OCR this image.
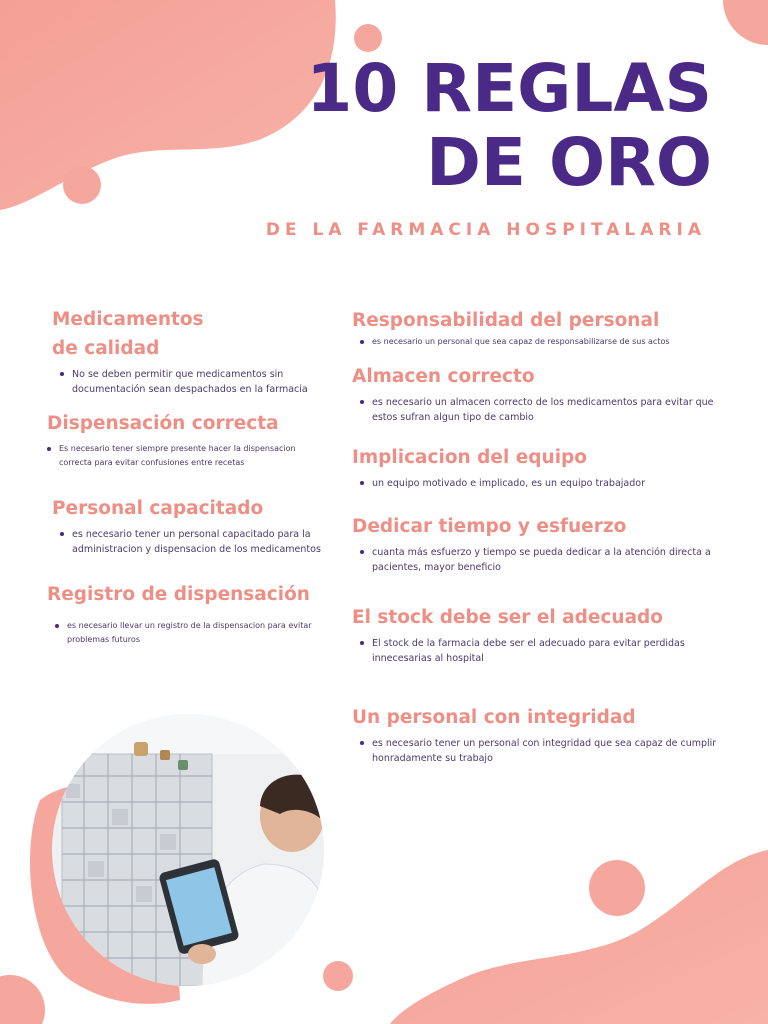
10 REGLAS
DE ORO

DE LA FARMACIA HOSPITALARIA

Medicamentos
de calidad
No se deben permitir que medicamentos sin documentación sean despachados en la farmacia
Dispensación correcta
Es necesario tener siempre presente hacer la dispensacion correcta para evitar confusiones entre recetas
Personal capacitado
es necesario tener un personal capacitado para la administracion y dispensacion de los medicamentos
Registro de dispensación
es necesario llevar un registro de la dispensacion para evitar problemas futuros
Responsabilidad del personal
es necesario un personal que sea capaz de responsabilizarse de sus actos
Almacen correcto
es necesario un almacen correcto de los medicamentos para evitar que estos sufran algun tipo de cambio
Implicacion del equipo
un equipo motivado e implicado, es un equipo trabajador
Dedicar tiempo y esfuerzo
cuanta más esfuerzo y tiempo se pueda dedicar a la atención directa a pacientes, mayor beneficio
El stock debe ser el adecuado
El stock de la farmacia debe ser el adecuado para evitar perdidas innecesarias al hospital
Un personal con integridad
es necesario tener un personal con integridad que sea capaz de cumplir honradamente su trabajo
